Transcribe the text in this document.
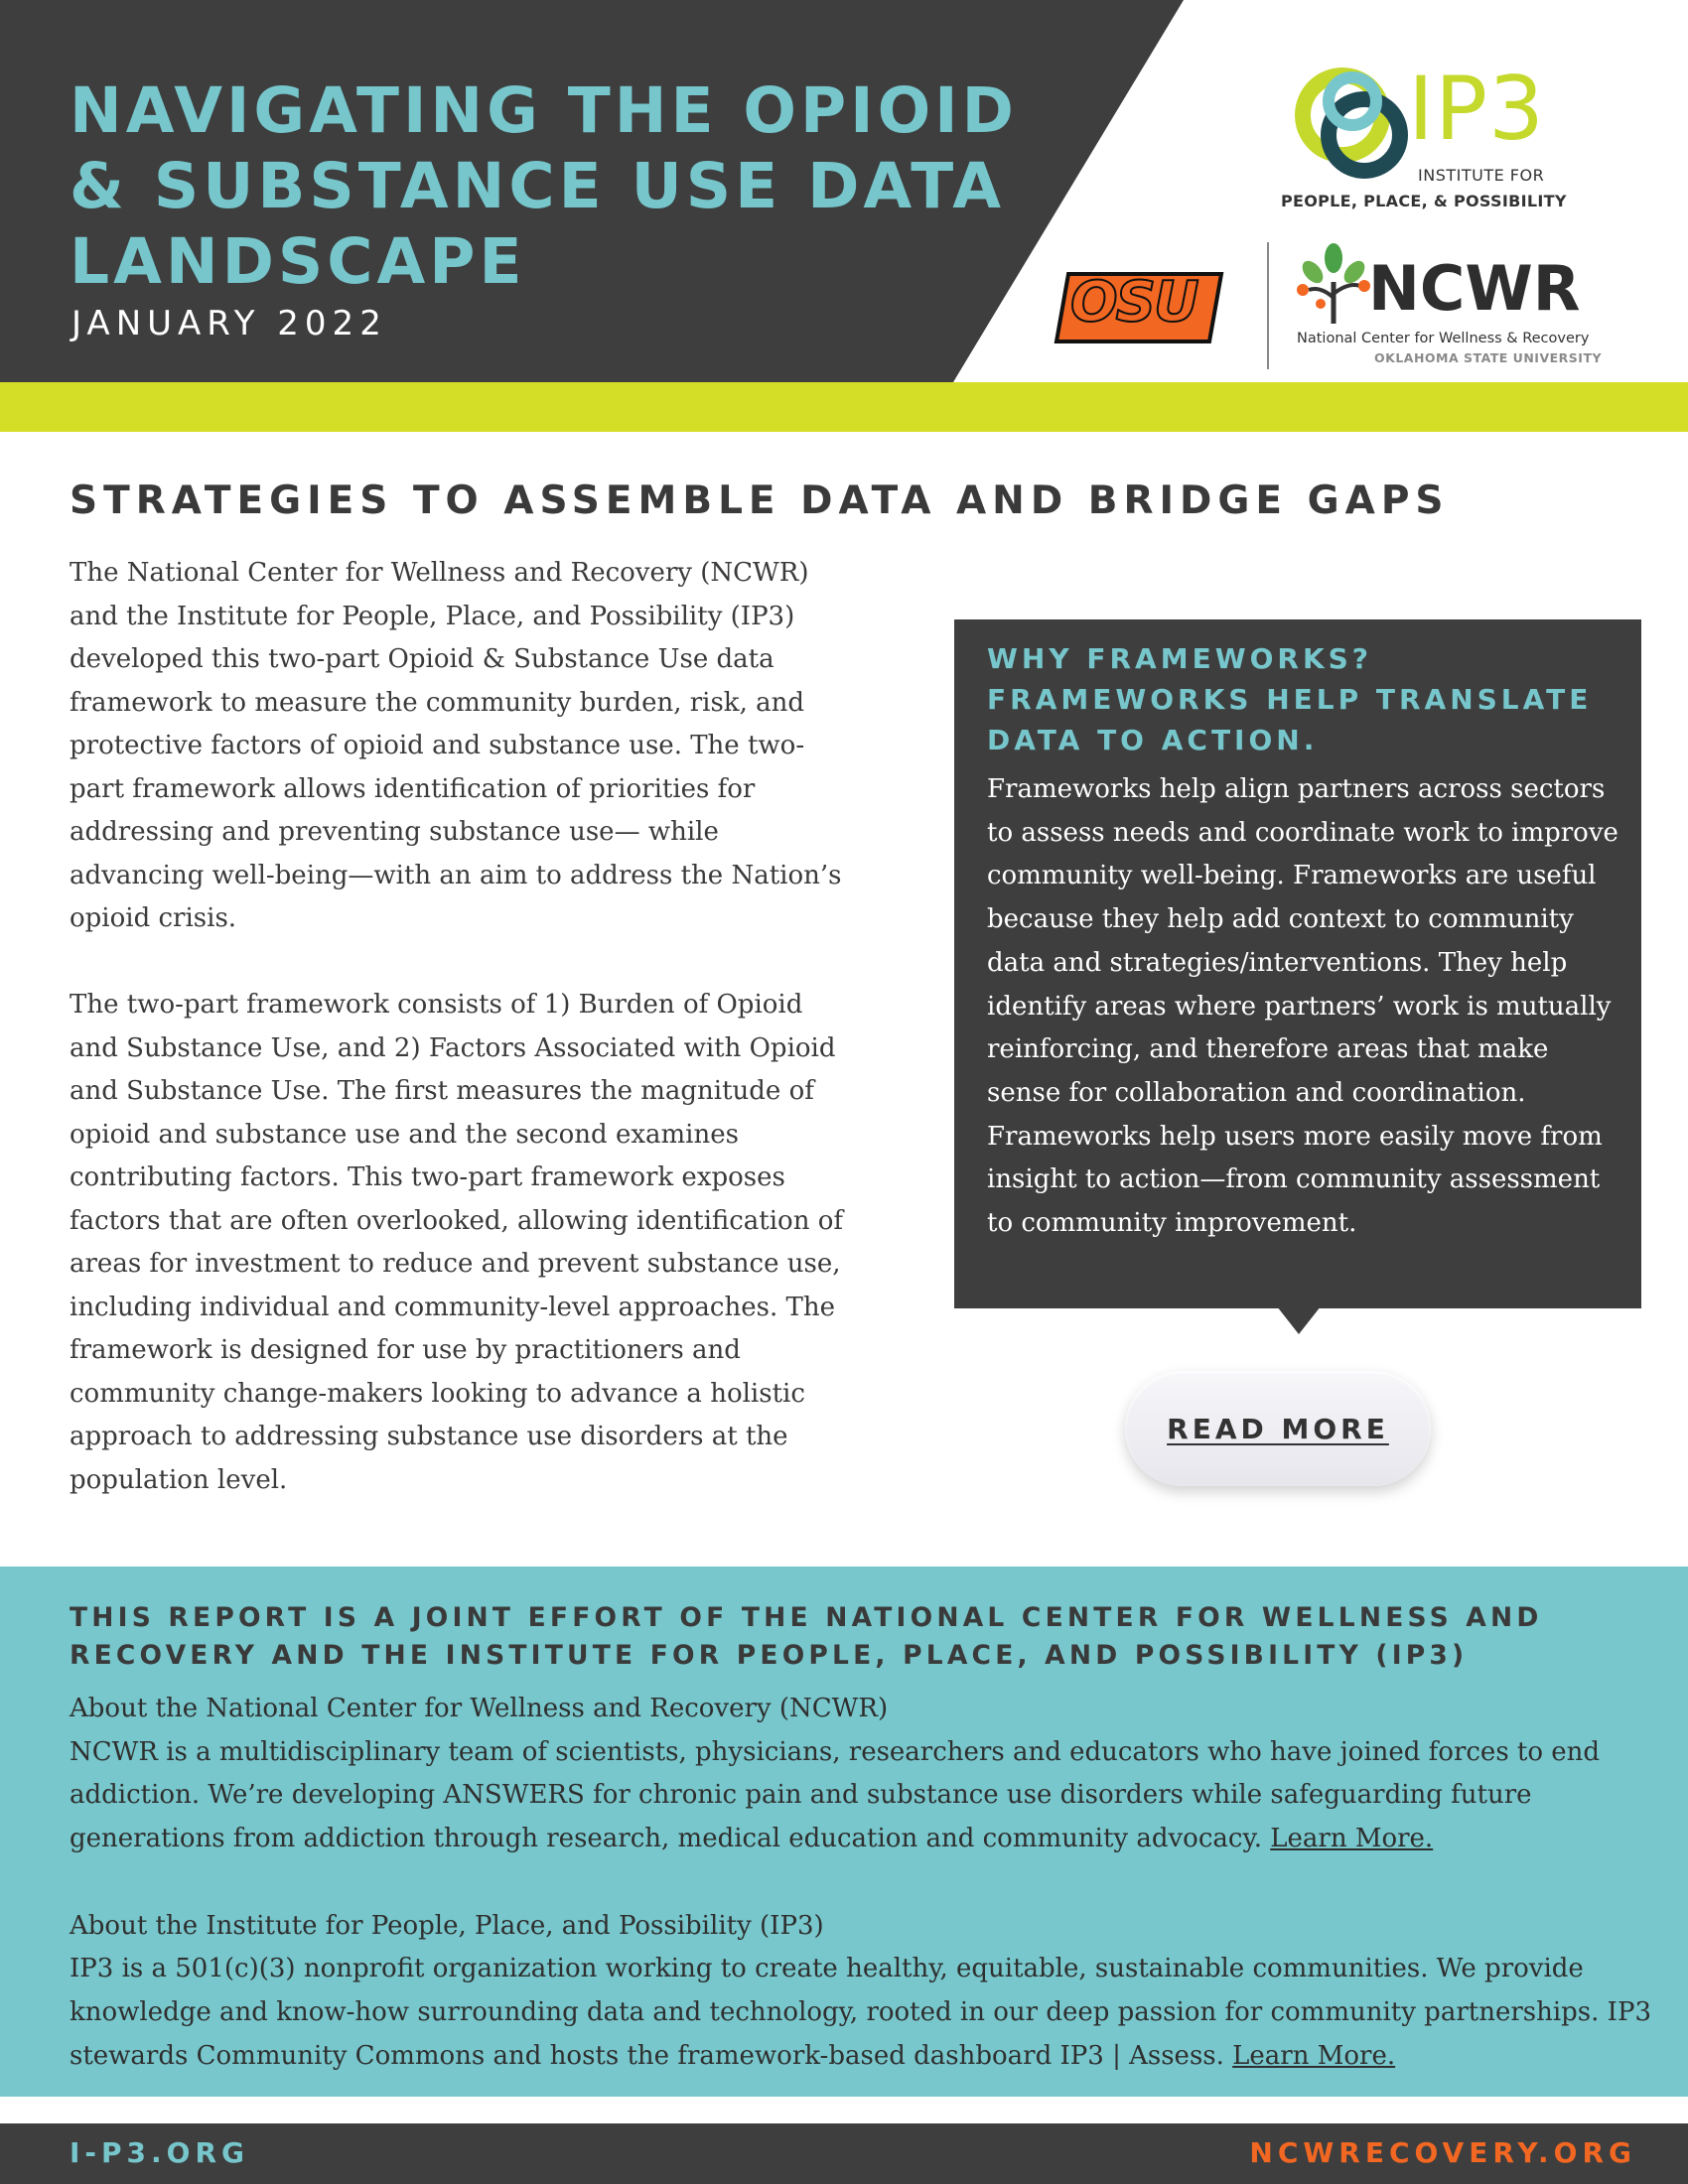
NAVIGATING THE OPIOID & SUBSTANCE USE DATA LANDSCAPE
JANUARY 2022
IP3
INSTITUTE FOR
PEOPLE, PLACE, & POSSIBILITY
OSU	NCWR
National Center for Wellness & Recovery
OKLAHOMA STATE UNIVERSITY
STRATEGIES TO ASSEMBLE DATA AND BRIDGE GAPS

The National Center for Wellness and Recovery (NCWR) and the Institute for People, Place, and Possibility (IP3) developed this two-part Opioid & Substance Use data framework to measure the community burden, risk, and protective factors of opioid and substance use. The two-part framework allows identification of priorities for addressing and preventing substance use— while advancing well-being—with an aim to address the Nation’s opioid crisis.

The two-part framework consists of 1) Burden of Opioid and Substance Use, and 2) Factors Associated with Opioid and Substance Use. The first measures the magnitude of opioid and substance use and the second examines contributing factors. This two-part framework exposes factors that are often overlooked, allowing identification of areas for investment to reduce and prevent substance use, including individual and community-level approaches. The framework is designed for use by practitioners and community change-makers looking to advance a holistic approach to addressing substance use disorders at the population level.

WHY FRAMEWORKS? FRAMEWORKS HELP TRANSLATE DATA TO ACTION.
Frameworks help align partners across sectors to assess needs and coordinate work to improve community well-being. Frameworks are useful because they help add context to community data and strategies/interventions. They help identify areas where partners’ work is mutually reinforcing, and therefore areas that make sense for collaboration and coordination. Frameworks help users more easily move from insight to action—from community assessment to community improvement.
READ MORE
THIS REPORT IS A JOINT EFFORT OF THE NATIONAL CENTER FOR WELLNESS AND RECOVERY AND THE INSTITUTE FOR PEOPLE, PLACE, AND POSSIBILITY (IP3)

About the National Center for Wellness and Recovery (NCWR)
NCWR is a multidisciplinary team of scientists, physicians, researchers and educators who have joined forces to end addiction. We’re developing ANSWERS for chronic pain and substance use disorders while safeguarding future generations from addiction through research, medical education and community advocacy. Learn More.

About the Institute for People, Place, and Possibility (IP3)
IP3 is a 501(c)(3) nonprofit organization working to create healthy, equitable, sustainable communities. We provide knowledge and know-how surrounding data and technology, rooted in our deep passion for community partnerships. IP3 stewards Community Commons and hosts the framework-based dashboard IP3 | Assess. Learn More.

I-P3.ORG	NCWRECOVERY.ORG
